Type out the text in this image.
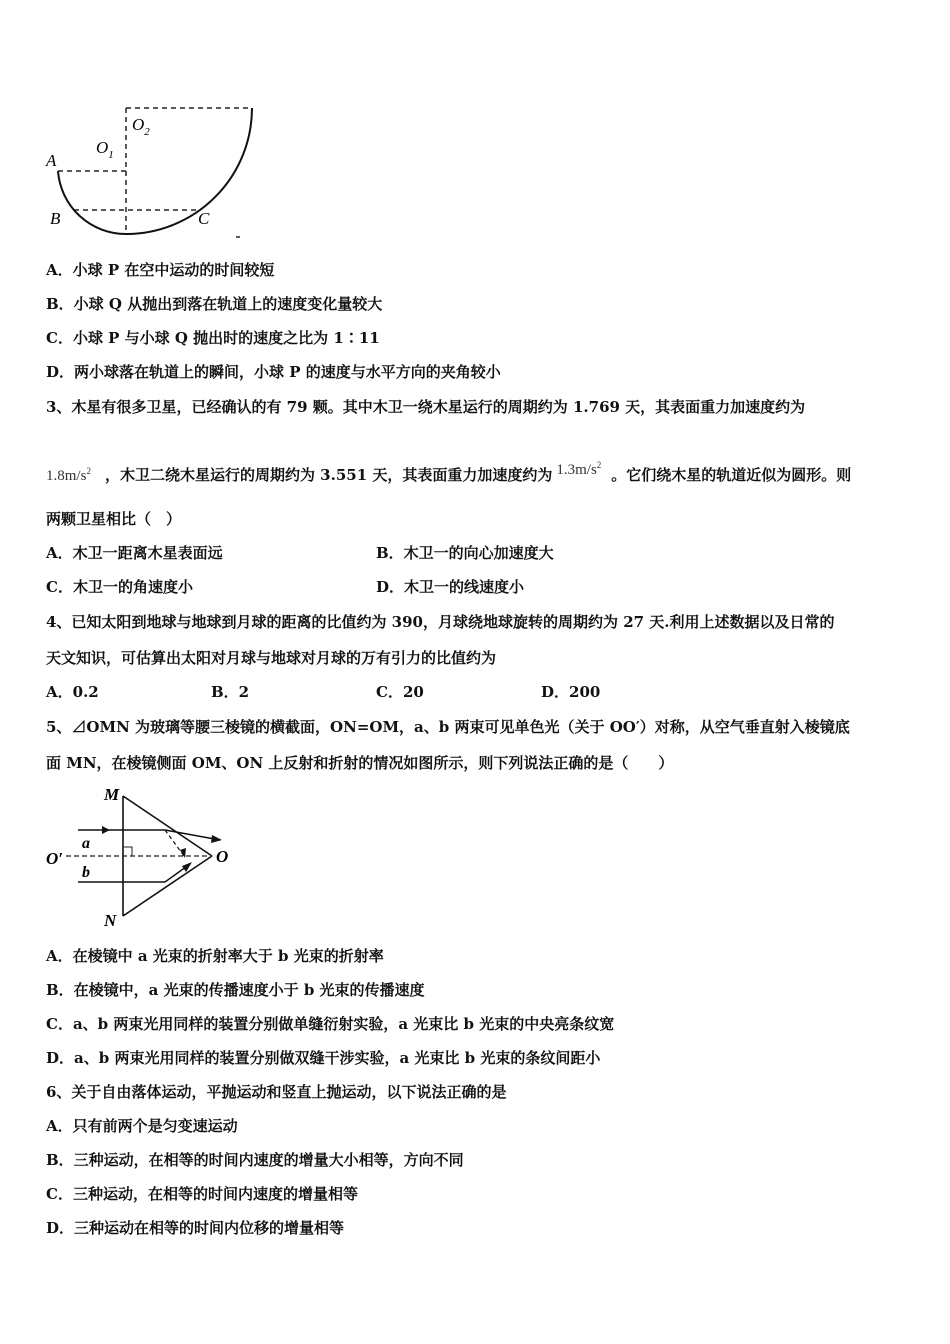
A
B	C
$O_1$
$O_2$
A．小球 P 在空中运动的时间较短
B．小球 Q 从抛出到落在轨道上的速度变化量较大
C．小球 P 与小球 Q 抛出时的速度之比为 1∶11
D．两小球落在轨道上的瞬间，小球 P 的速度与水平方向的夹角较小
3、木星有很多卫星，已经确认的有 79 颗。其中木卫一绕木星运行的周期约为 1.769 天，其表面重力加速度约为
$1.8m/s^2$ ，木卫二绕木星运行的周期约为 3.551 天，其表面重力加速度约为 $1.3m/s^2$。它们绕木星的轨道近似为圆形。则
两颗卫星相比（　）
A．木卫一距离木星表面远	B．木卫一的向心加速度大
C．木卫一的角速度小	D．木卫一的线速度小
4、已知太阳到地球与地球到月球的距离的比值约为 390，月球绕地球旋转的周期约为 27 天.利用上述数据以及日常的
天文知识，可估算出太阳对月球与地球对月球的万有引力的比值约为
A．0.2	B．2	C．20	D．200
5、⊿OMN 为玻璃等腰三棱镜的横截面，ON=OM，a、b 两束可见单色光（关于 OO′）对称，从空气垂直射入棱镜底
面 MN，在棱镜侧面 OM、ON 上反射和折射的情况如图所示，则下列说法正确的是（　　）
M
N
O
O′
a
b
A．在棱镜中 a 光束的折射率大于 b 光束的折射率
B．在棱镜中，a 光束的传播速度小于 b 光束的传播速度
C．a、b 两束光用同样的装置分别做单缝衍射实验，a 光束比 b 光束的中央亮条纹宽
D．a、b 两束光用同样的装置分别做双缝干涉实验，a 光束比 b 光束的条纹间距小
6、关于自由落体运动，平抛运动和竖直上抛运动，以下说法正确的是
A．只有前两个是匀变速运动
B．三种运动，在相等的时间内速度的增量大小相等，方向不同
C．三种运动，在相等的时间内速度的增量相等
D．三种运动在相等的时间内位移的增量相等
